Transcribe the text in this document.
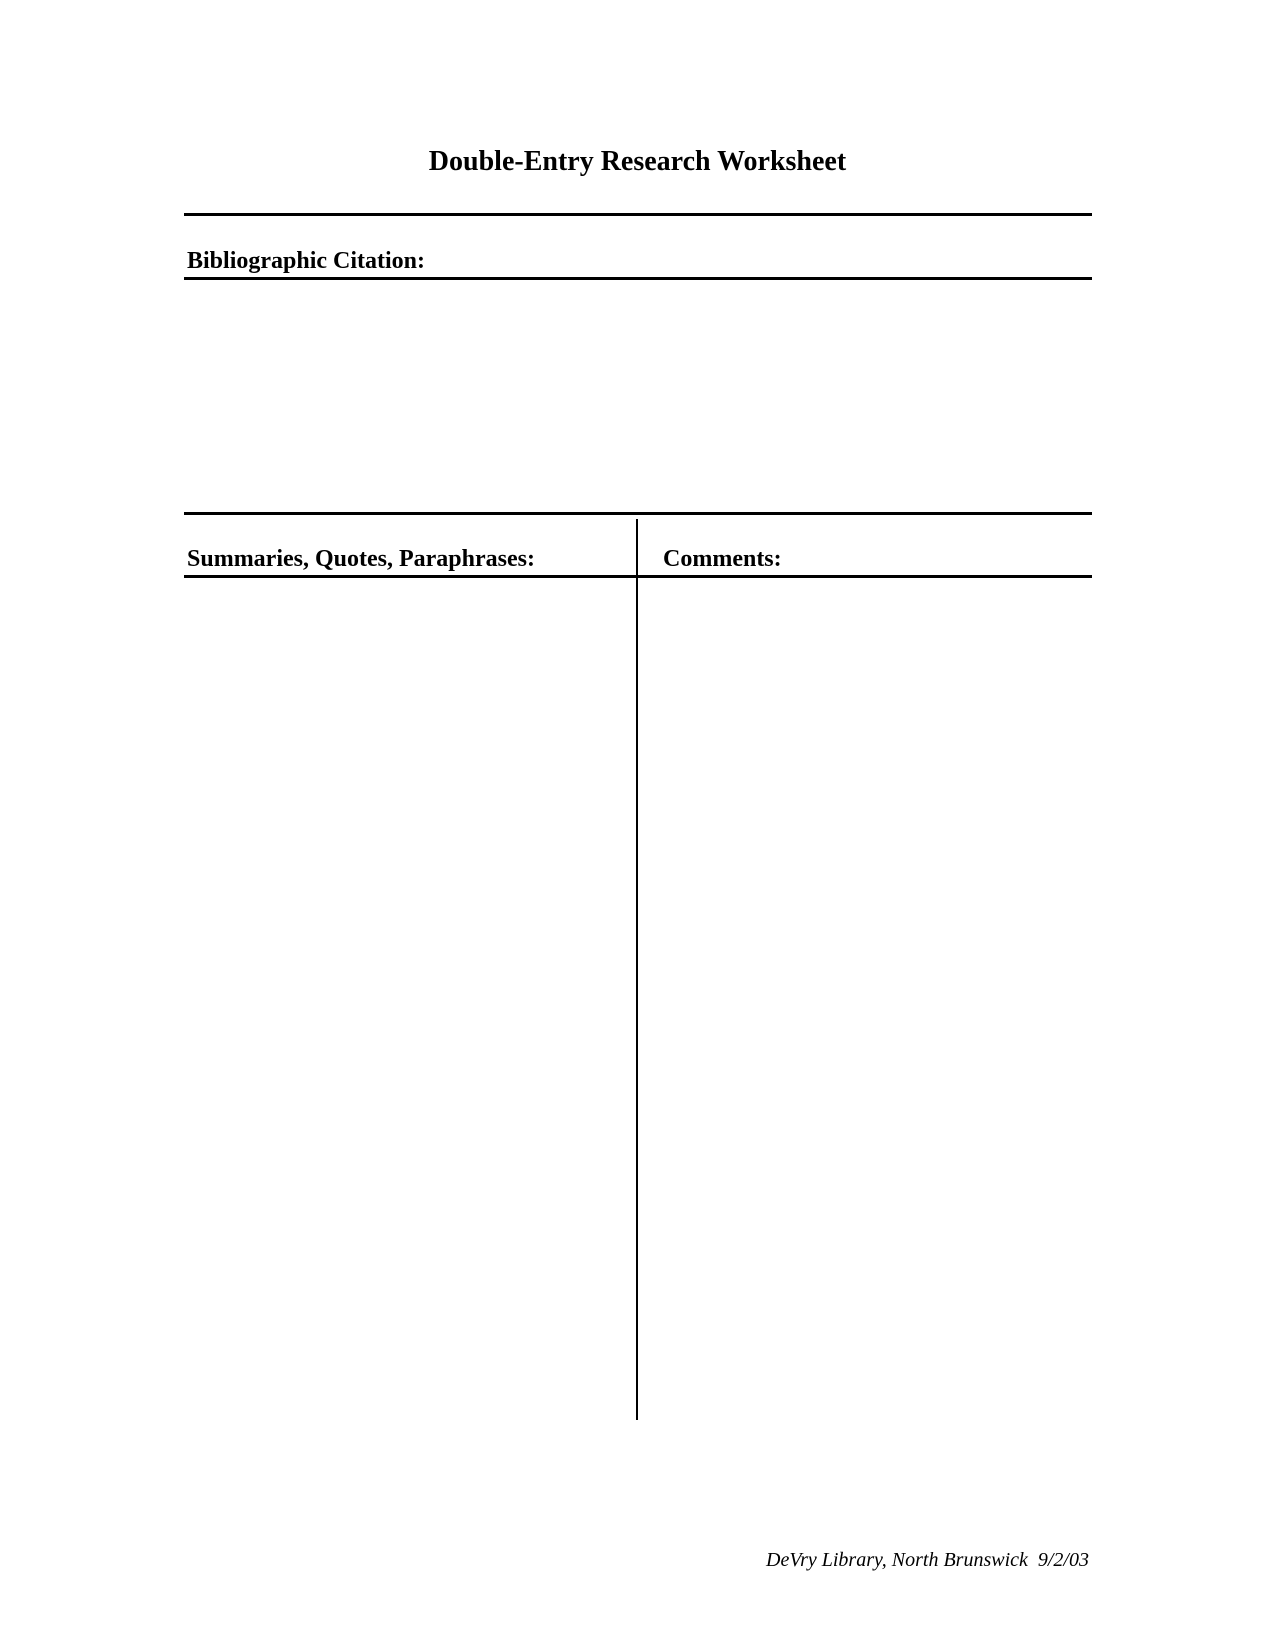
Double-Entry Research Worksheet
Bibliographic Citation:
Summaries, Quotes, Paraphrases:	Comments:
DeVry Library, North Brunswick  9/2/03
